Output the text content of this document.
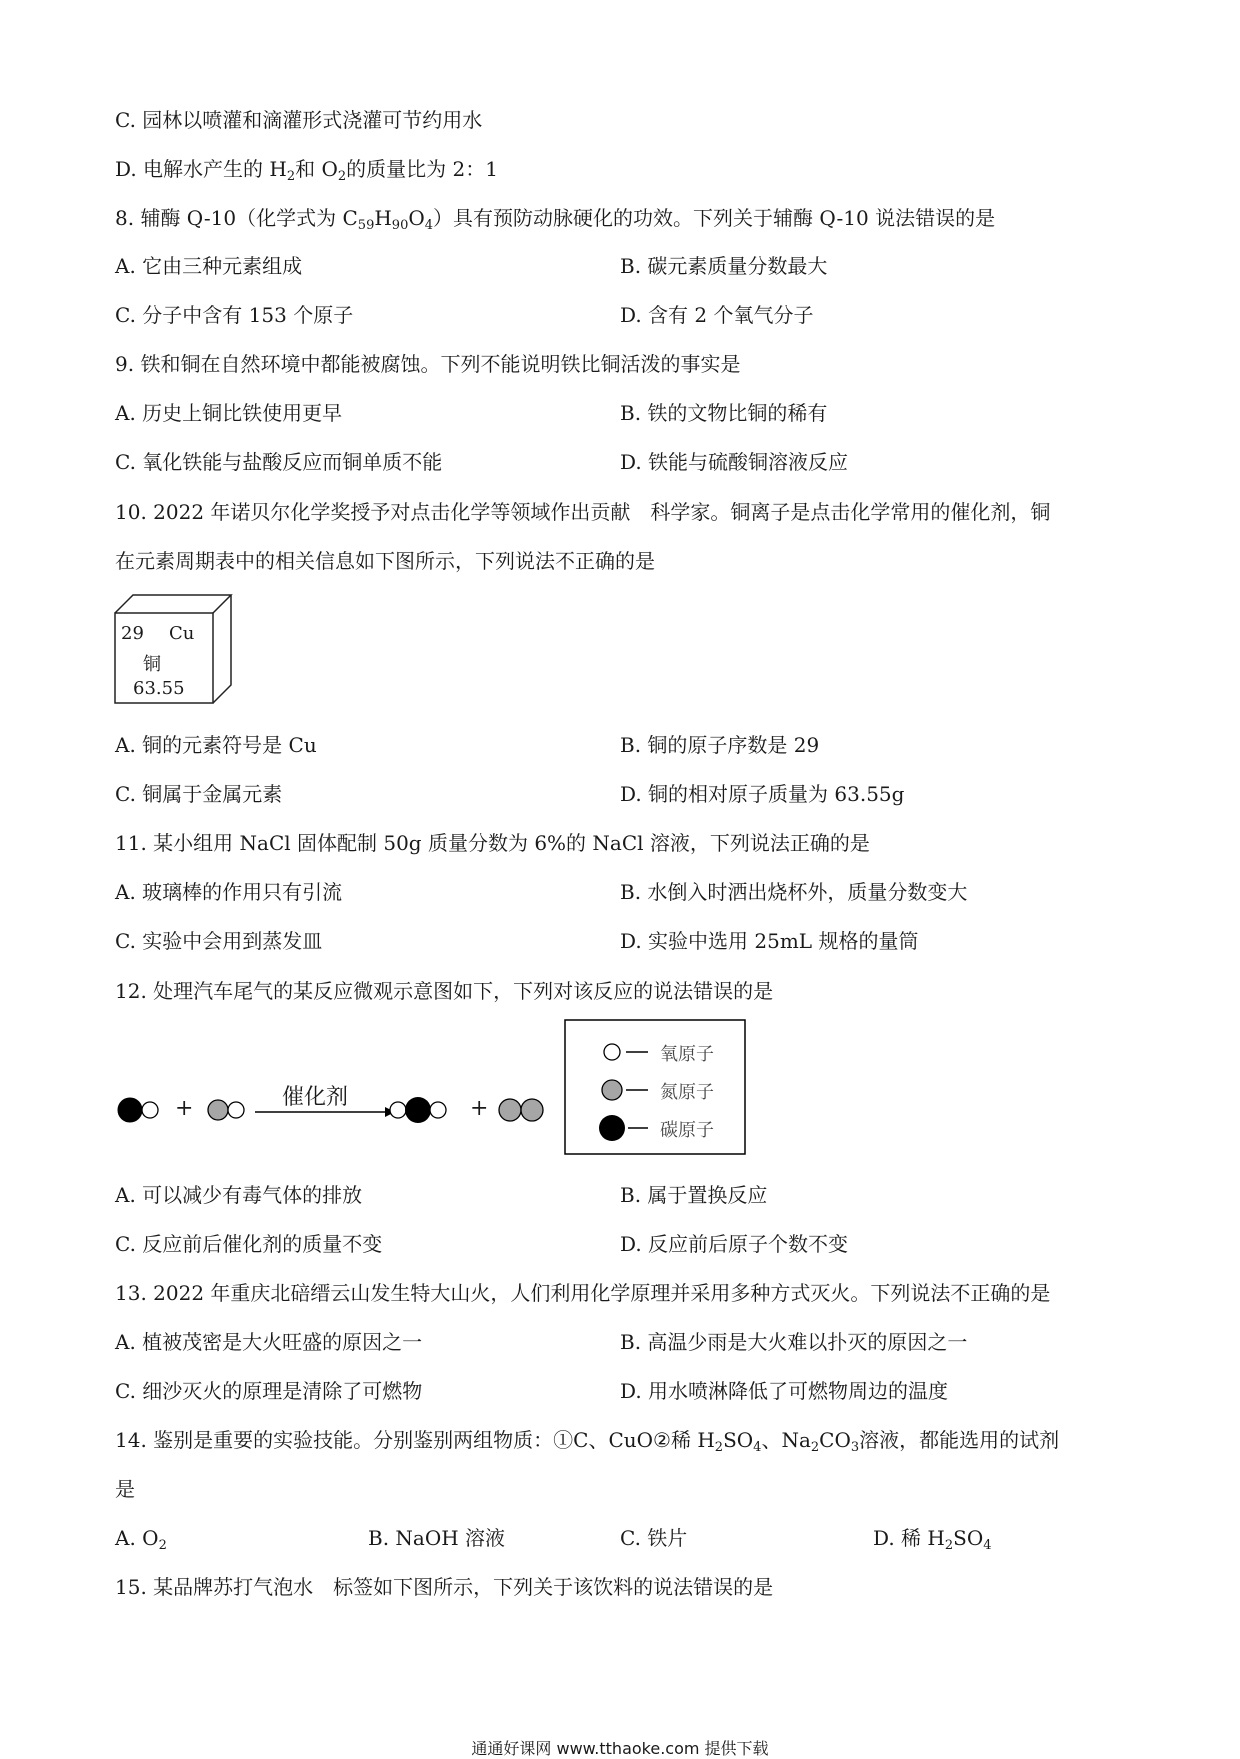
C. 园林以喷灌和滴灌形式浇灌可节约用水
D. 电解水产生的 $H_2$和 $O_2$的质量比为 2：1
8. 辅酶 Q-10（化学式为 $C_{59}H_{90}O_4$）具有预防动脉硬化的功效。下列关于辅酶 Q-10 说法错误的是
A. 它由三种元素组成	B. 碳元素质量分数最大
C. 分子中含有 153 个原子	D. 含有 2 个氧气分子
9. 铁和铜在自然环境中都能被腐蚀。下列不能说明铁比铜活泼的事实是
A. 历史上铜比铁使用更早	B. 铁的文物比铜的稀有
C. 氧化铁能与盐酸反应而铜单质不能	D. 铁能与硫酸铜溶液反应
10. 2022 年诺贝尔化学奖授予对点击化学等领域作出贡献　科学家。铜离子是点击化学常用的催化剂，铜
在元素周期表中的相关信息如下图所示，下列说法不正确的是
29 Cu
铜
63.55
A. 铜的元素符号是 Cu	B. 铜的原子序数是 29
C. 铜属于金属元素	D. 铜的相对原子质量为 63.55g
11. 某小组用 NaCl 固体配制 50g 质量分数为 6%的 NaCl 溶液，下列说法正确的是
A. 玻璃棒的作用只有引流	B. 水倒入时洒出烧杯外，质量分数变大
C. 实验中会用到蒸发皿	D. 实验中选用 25mL 规格的量筒
12. 处理汽车尾气的某反应微观示意图如下，下列对该反应的说法错误的是
+	催化剂	+
氧原子
氮原子
碳原子
A. 可以减少有毒气体的排放	B. 属于置换反应
C. 反应前后催化剂的质量不变	D. 反应前后原子个数不变
13. 2022 年重庆北碚缙云山发生特大山火，人们利用化学原理并采用多种方式灭火。下列说法不正确的是
A. 植被茂密是大火旺盛的原因之一	B. 高温少雨是大火难以扑灭的原因之一
C. 细沙灭火的原理是清除了可燃物	D. 用水喷淋降低了可燃物周边的温度
14. 鉴别是重要的实验技能。分别鉴别两组物质：①C、CuO②稀 $H_2SO_4$、$Na_2CO_3$溶液，都能选用的试剂
是
A. $O_2$	B. NaOH 溶液	C. 铁片	D. 稀 $H_2SO_4$
15. 某品牌苏打气泡水　标签如下图所示，下列关于该饮料的说法错误的是
通通好课网 www.tthaoke.com 提供下载
